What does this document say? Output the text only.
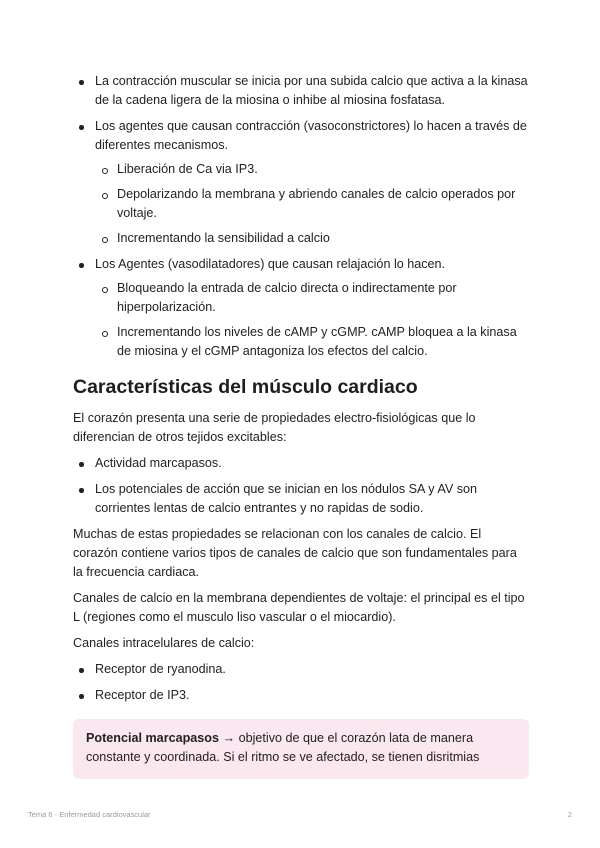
La contracción muscular se inicia por una subida calcio que activa a la kinasa de la cadena ligera de la miosina o inhibe al miosina fosfatasa.
Los agentes que causan contracción (vasoconstrictores) lo hacen a través de diferentes mecanismos.
Liberación de Ca via IP3.
Depolarizando la membrana y abriendo canales de calcio operados por voltaje.
Incrementando la sensibilidad a calcio
Los Agentes (vasodilatadores) que causan relajación lo hacen.
Bloqueando la entrada de calcio directa o indirectamente por hiperpolarización.
Incrementando los niveles de cAMP y cGMP. cAMP bloquea a la kinasa de miosina y el cGMP antagoniza los efectos del calcio.
Características del músculo cardiaco

El corazón presenta una serie de propiedades electro-fisiológicas que lo diferencian de otros tejidos excitables:

Actividad marcapasos.
Los potenciales de acción que se inician en los nódulos SA y AV son corrientes lentas de calcio entrantes y no rapidas de sodio.

Muchas de estas propiedades se relacionan con los canales de calcio. El corazón contiene varios tipos de canales de calcio que son fundamentales para la frecuencia cardiaca.

Canales de calcio en la membrana dependientes de voltaje: el principal es el tipo L (regiones como el musculo liso vascular o el miocardio).

Canales intracelulares de calcio:

Receptor de ryanodina.
Receptor de IP3.
Potencial marcapasos → objetivo de que el corazón lata de manera constante y coordinada. Si el ritmo se ve afectado, se tienen disritmias
Tema 6 - Enfermedad cardiovascular	2
